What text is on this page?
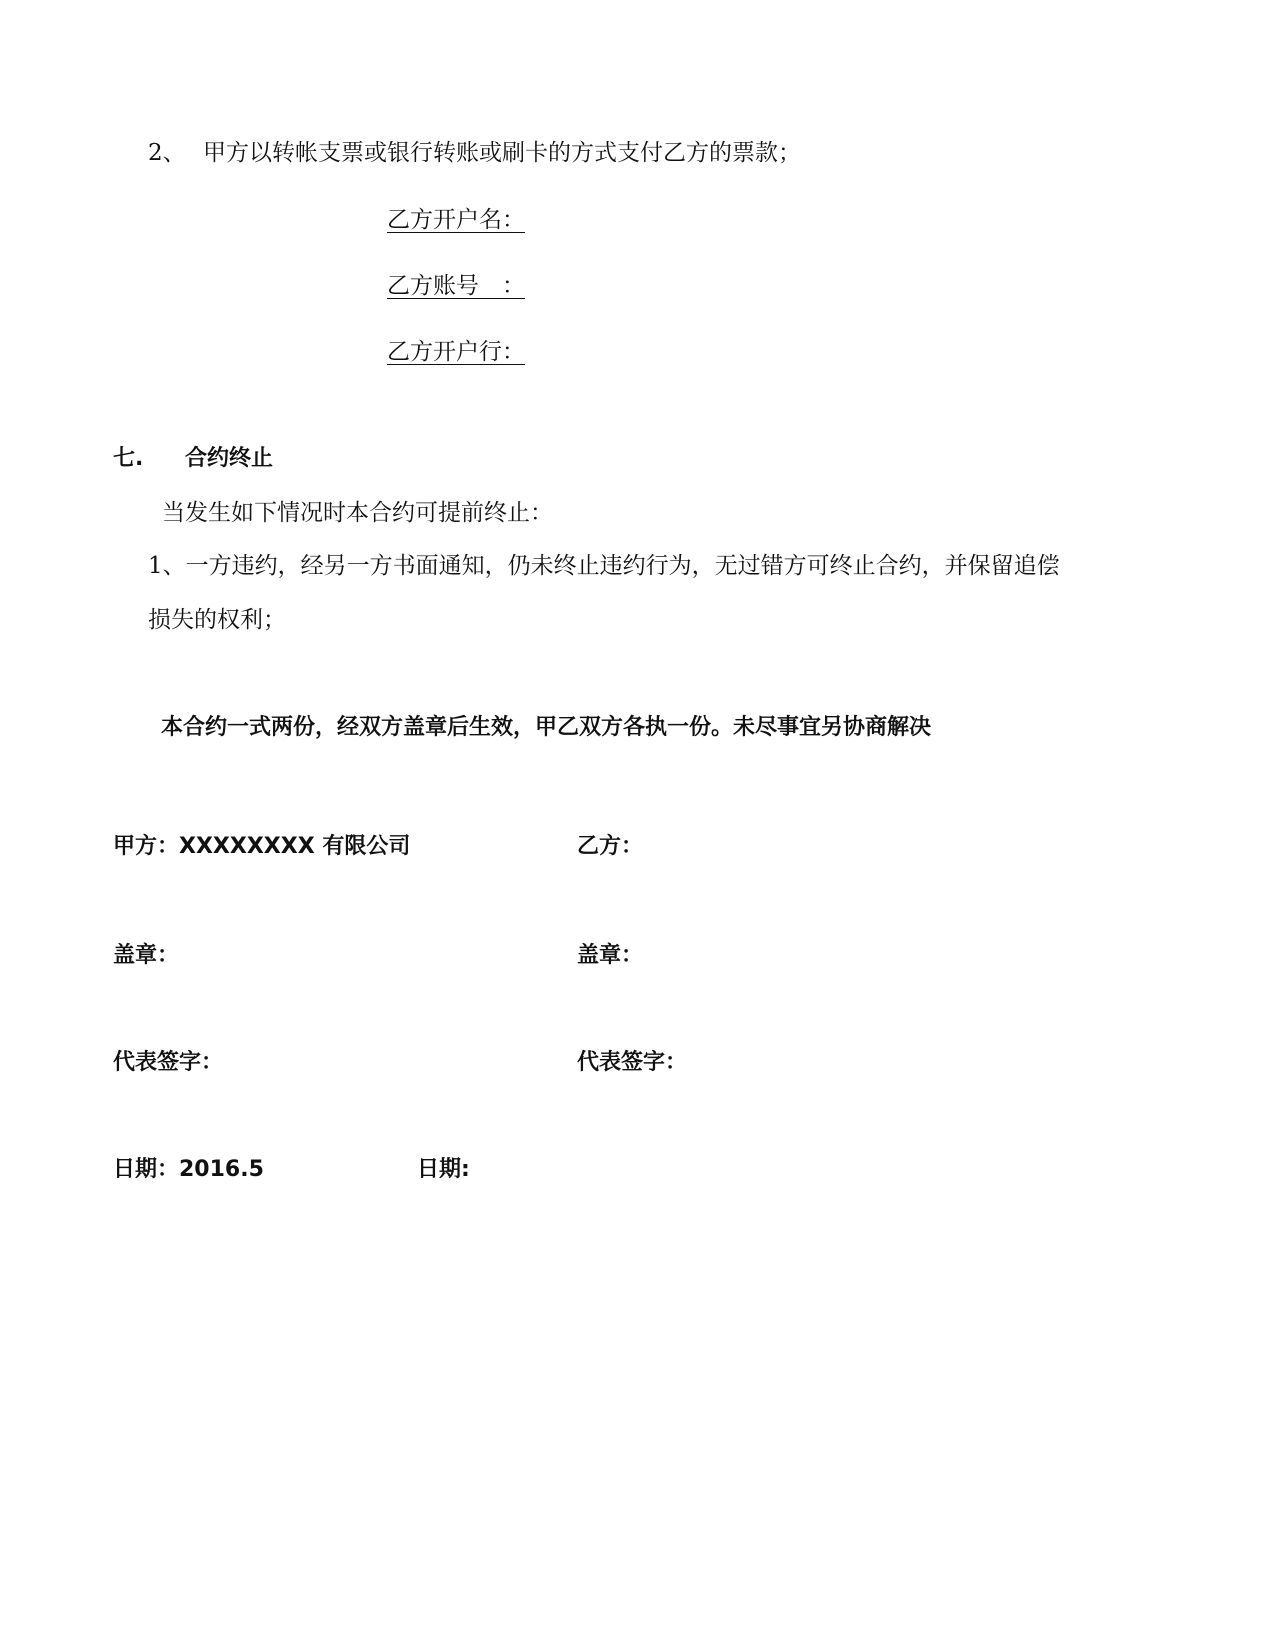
2、 甲方以转帐支票或银行转账或刷卡的方式支付乙方的票款；
乙方开户名：
乙方账号　：
乙方开户行：
七. 合约终止
当发生如下情况时本合约可提前终止：
1、一方违约，经另一方书面通知，仍未终止违约行为，无过错方可终止合约，并保留追偿
损失的权利；
本合约一式两份，经双方盖章后生效，甲乙双方各执一份。未尽事宜另协商解决
甲方：XXXXXXXX 有限公司	乙方：
盖章：	盖章：
代表签字：	代表签字：
日期：2016.5	日期:
